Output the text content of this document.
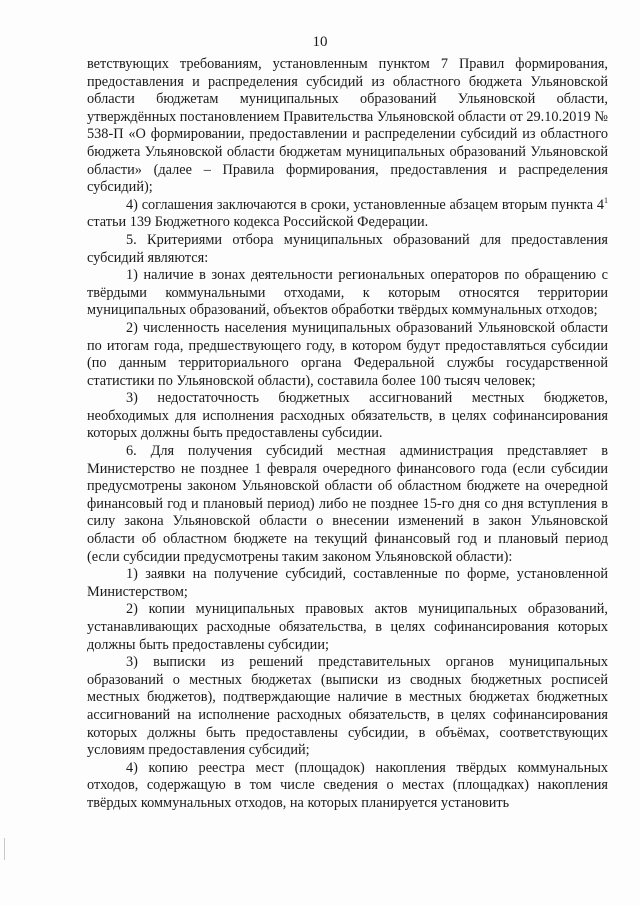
10

ветствующих требованиям, установленным пунктом 7 Правил формирования, предоставления и распределения субсидий из областного бюджета Ульяновской области бюджетам муниципальных образований Ульяновской области, утверждённых постановлением Правительства Ульяновской области от 29.10.2019 № 538-П «О формировании, предоставлении и распределении субсидий из областного бюджета Ульяновской области бюджетам муниципальных образований Ульяновской области» (далее – Правила формирования, предоставления и распределения субсидий);

4) соглашения заключаются в сроки, установленные абзацем вторым пункта $4^1$ статьи 139 Бюджетного кодекса Российской Федерации.

5. Критериями отбора муниципальных образований для предоставления субсидий являются:

1) наличие в зонах деятельности региональных операторов по обращению с твёрдыми коммунальными отходами, к которым относятся территории муниципальных образований, объектов обработки твёрдых коммунальных отходов;

2) численность населения муниципальных образований Ульяновской области по итогам года, предшествующего году, в котором будут предоставляться субсидии (по данным территориального органа Федеральной службы государственной статистики по Ульяновской области), составила более 100 тысяч человек;

3) недостаточность бюджетных ассигнований местных бюджетов, необходимых для исполнения расходных обязательств, в целях софинансирования которых должны быть предоставлены субсидии.

6. Для получения субсидий местная администрация представляет в Министерство не позднее 1 февраля очередного финансового года (если субсидии предусмотрены законом Ульяновской области об областном бюджете на очередной финансовый год и плановый период) либо не позднее 15-го дня со дня вступления в силу закона Ульяновской области о внесении изменений в закон Ульяновской области об областном бюджете на текущий финансовый год и плановый период (если субсидии предусмотрены таким законом Ульяновской области):

1) заявки на получение субсидий, составленные по форме, установленной Министерством;

2) копии муниципальных правовых актов муниципальных образований, устанавливающих расходные обязательства, в целях софинансирования которых должны быть предоставлены субсидии;

3) выписки из решений представительных органов муниципальных образований о местных бюджетах (выписки из сводных бюджетных росписей местных бюджетов), подтверждающие наличие в местных бюджетах бюджетных ассигнований на исполнение расходных обязательств, в целях софинансирования которых должны быть предоставлены субсидии, в объёмах, соответствующих условиям предоставления субсидий;

4) копию реестра мест (площадок) накопления твёрдых коммунальных отходов, содержащую в том числе сведения о местах (площадках) накопления твёрдых коммунальных отходов, на которых планируется установить
